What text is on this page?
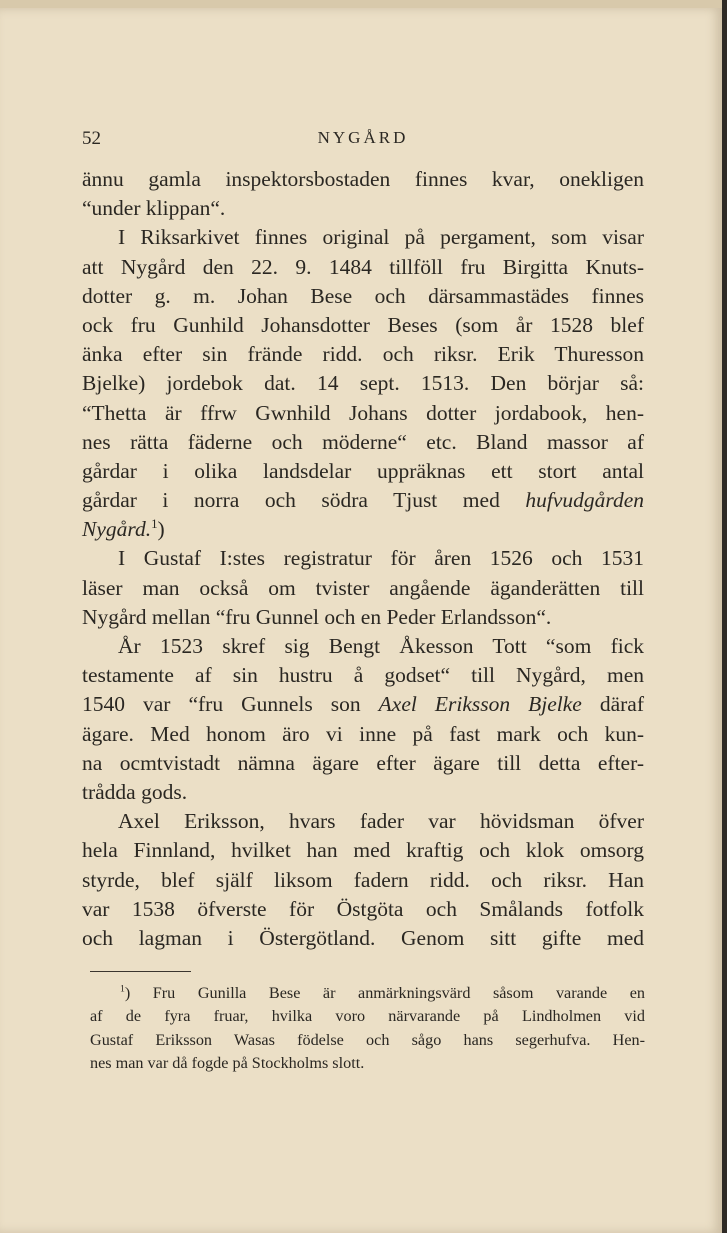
52	NYGÅRD
ännu gamla inspektorsbostaden finnes kvar, onekligen
“under klippan“.
I Riksarkivet finnes original på pergament, som visar
att Nygård den 22. 9. 1484 tillföll fru Birgitta Knuts-
dotter g. m. Johan Bese och därsammastädes finnes
ock fru Gunhild Johansdotter Beses (som år 1528 blef
änka efter sin frände ridd. och riksr. Erik Thuresson
Bjelke) jordebok dat. 14 sept. 1513. Den börjar så:
“Thetta är ffrw Gwnhild Johans dotter jordabook, hen-
nes rätta fäderne och möderne“ etc. Bland massor af
gårdar i olika landsdelar uppräknas ett stort antal
gårdar i norra och södra Tjust med hufvudgården
Nygård.$^1$)
I Gustaf I:stes registratur för åren 1526 och 1531
läser man också om tvister angående äganderätten till
Nygård mellan “fru Gunnel och en Peder Erlandsson“.
År 1523 skref sig Bengt Åkesson Tott “som fick
testamente af sin hustru å godset“ till Nygård, men
1540 var “fru Gunnels son Axel Eriksson Bjelke däraf
ägare. Med honom äro vi inne på fast mark och kun-
na ocmtvistadt nämna ägare efter ägare till detta efter-
trådda gods.
Axel Eriksson, hvars fader var hövidsman öfver
hela Finnland, hvilket han med kraftig och klok omsorg
styrde, blef själf liksom fadern ridd. och riksr. Han
var 1538 öfverste för Östgöta och Smålands fotfolk
och lagman i Östergötland. Genom sitt gifte med
$^1$) Fru Gunilla Bese är anmärkningsvärd såsom varande en
af de fyra fruar, hvilka voro närvarande på Lindholmen vid
Gustaf Eriksson Wasas födelse och sågo hans segerhufva. Hen-
nes man var då fogde på Stockholms slott.
